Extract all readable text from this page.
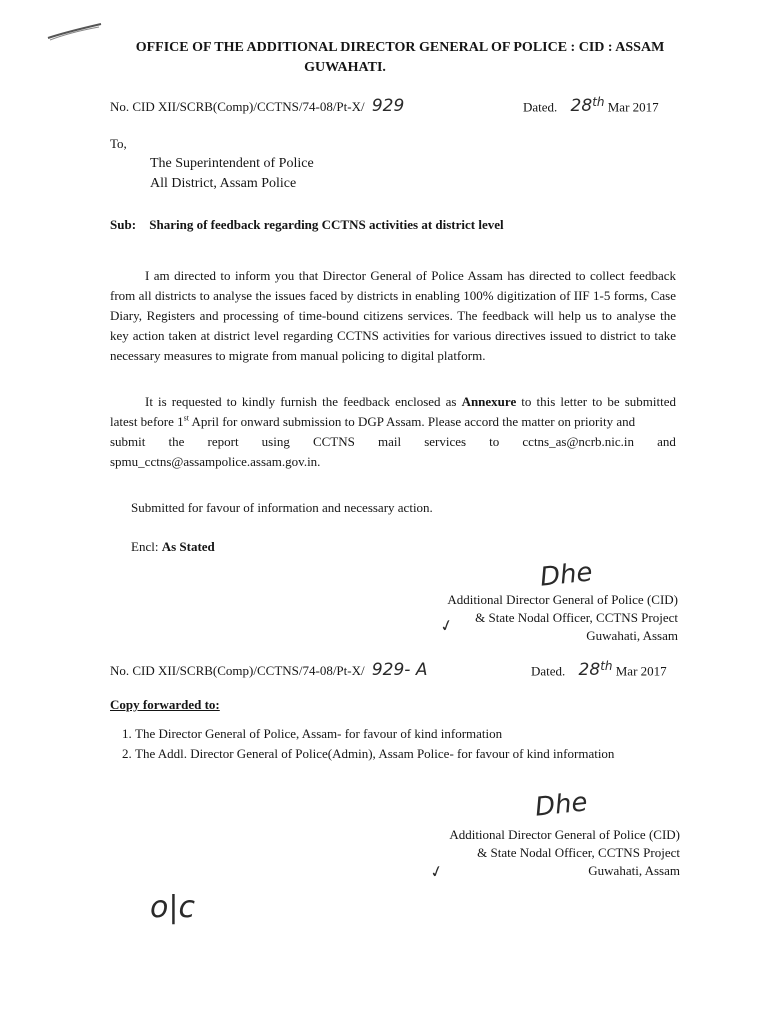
OFFICE OF THE ADDITIONAL DIRECTOR GENERAL OF POLICE : CID : ASSAM
GUWAHATI.
No. CID XII/SCRB(Comp)/CCTNS/74-08/Pt-X/ 929	Dated. 28th Mar 2017
To,
The Superintendent of Police
All District, Assam Police
Sub: Sharing of feedback regarding CCTNS activities at district level
I am directed to inform you that Director General of Police Assam has directed to collect feedback from all districts to analyse the issues faced by districts in enabling 100% digitization of IIF 1-5 forms, Case Diary, Registers and processing of time-bound citizens services. The feedback will help us to analyse the key action taken at district level regarding CCTNS activities for various directives issued to district to take necessary measures to migrate from manual policing to digital platform.
It is requested to kindly furnish the feedback enclosed as Annexure to this letter to be submitted latest before 1st April for onward submission to DGP Assam. Please accord the matter on priority and
submit the report using CCTNS mail services to cctns_as@ncrb.nic.in and
spmu_cctns@assampolice.assam.gov.in.
Submitted for favour of information and necessary action.
Encl: As Stated
Dhe
Additional Director General of Police (CID)
& State Nodal Officer, CCTNS Project
Guwahati, Assam
✓
No. CID XII/SCRB(Comp)/CCTNS/74-08/Pt-X/ 929- A	Dated. 28th Mar 2017
Copy forwarded to:
1. The Director General of Police, Assam- for favour of kind information
2. The Addl. Director General of Police(Admin), Assam Police- for favour of kind information
Dhe
Additional Director General of Police (CID)
& State Nodal Officer, CCTNS Project
Guwahati, Assam
✓
o|c
